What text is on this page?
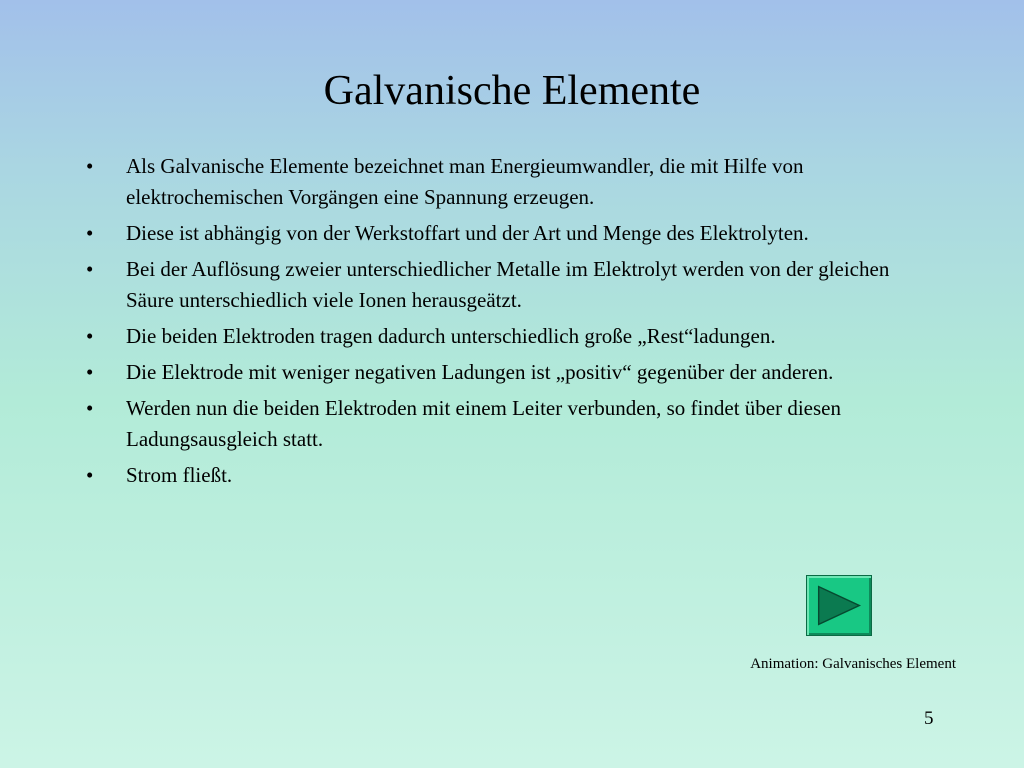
Galvanische Elemente
•	Als Galvanische Elemente bezeichnet man Energieumwandler, die mit Hilfe von elektrochemischen Vorgängen eine Spannung erzeugen.
•	Diese ist abhängig von der Werkstoffart und der Art und Menge des Elektrolyten.
•	Bei der Auflösung zweier unterschiedlicher Metalle im Elektrolyt werden von der gleichen Säure unterschiedlich viele Ionen herausgeätzt.
•	Die beiden Elektroden tragen dadurch unterschiedlich große „Rest“ladungen.
•	Die Elektrode mit weniger negativen Ladungen ist „positiv“ gegenüber der anderen.
•	Werden nun die beiden Elektroden mit einem Leiter verbunden, so findet über diesen Ladungsausgleich statt.
•	Strom fließt.
Animation: Galvanisches Element
5
